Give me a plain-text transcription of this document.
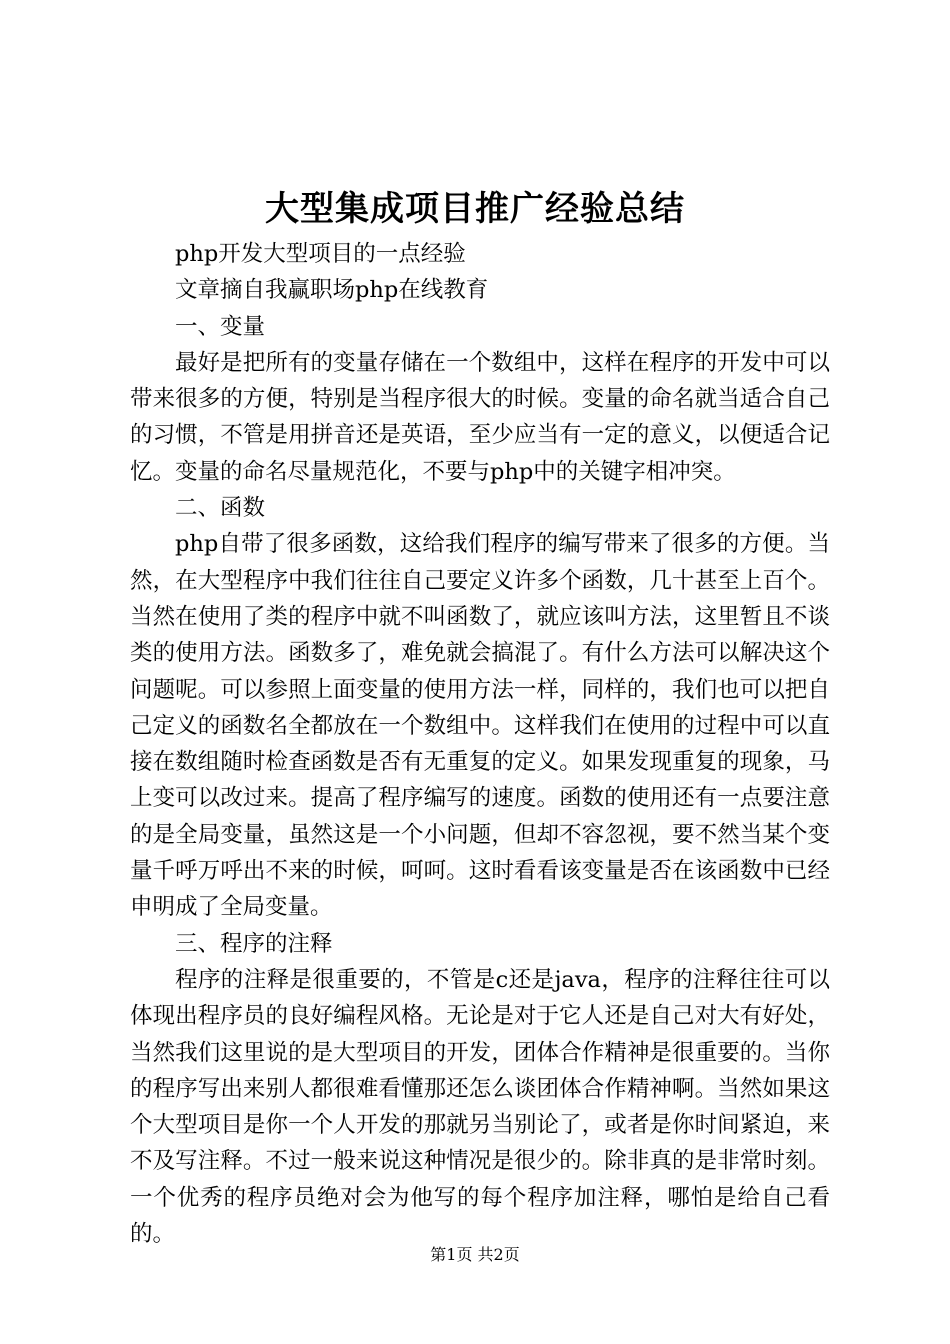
大型集成项目推广经验总结

php开发大型项目的一点经验

文章摘自我赢职场php在线教育

一、变量

最好是把所有的变量存储在一个数组中，这样在程序的开发中可以带来很多的方便，特别是当程序很大的时候。变量的命名就当适合自己的习惯，不管是用拼音还是英语，至少应当有一定的意义，以便适合记忆。变量的命名尽量规范化，不要与php中的关键字相冲突。

二、函数

php自带了很多函数，这给我们程序的编写带来了很多的方便。当然，在大型程序中我们往往自己要定义许多个函数，几十甚至上百个。当然在使用了类的程序中就不叫函数了，就应该叫方法，这里暂且不谈类的使用方法。函数多了，难免就会搞混了。有什么方法可以解决这个问题呢。可以参照上面变量的使用方法一样，同样的，我们也可以把自己定义的函数名全都放在一个数组中。这样我们在使用的过程中可以直接在数组随时检查函数是否有无重复的定义。如果发现重复的现象，马上变可以改过来。提高了程序编写的速度。函数的使用还有一点要注意的是全局变量，虽然这是一个小问题，但却不容忽视，要不然当某个变量千呼万呼出不来的时候，呵呵。这时看看该变量是否在该函数中已经申明成了全局变量。

三、程序的注释

程序的注释是很重要的，不管是c还是java，程序的注释往往可以体现出程序员的良好编程风格。无论是对于它人还是自己对大有好处，当然我们这里说的是大型项目的开发，团体合作精神是很重要的。当你的程序写出来别人都很难看懂那还怎么谈团体合作精神啊。当然如果这个大型项目是你一个人开发的那就另当别论了，或者是你时间紧迫，来不及写注释。不过一般来说这种情况是很少的。除非真的是非常时刻。一个优秀的程序员绝对会为他写的每个程序加注释，哪怕是给自己看的。

第1页 共2页
